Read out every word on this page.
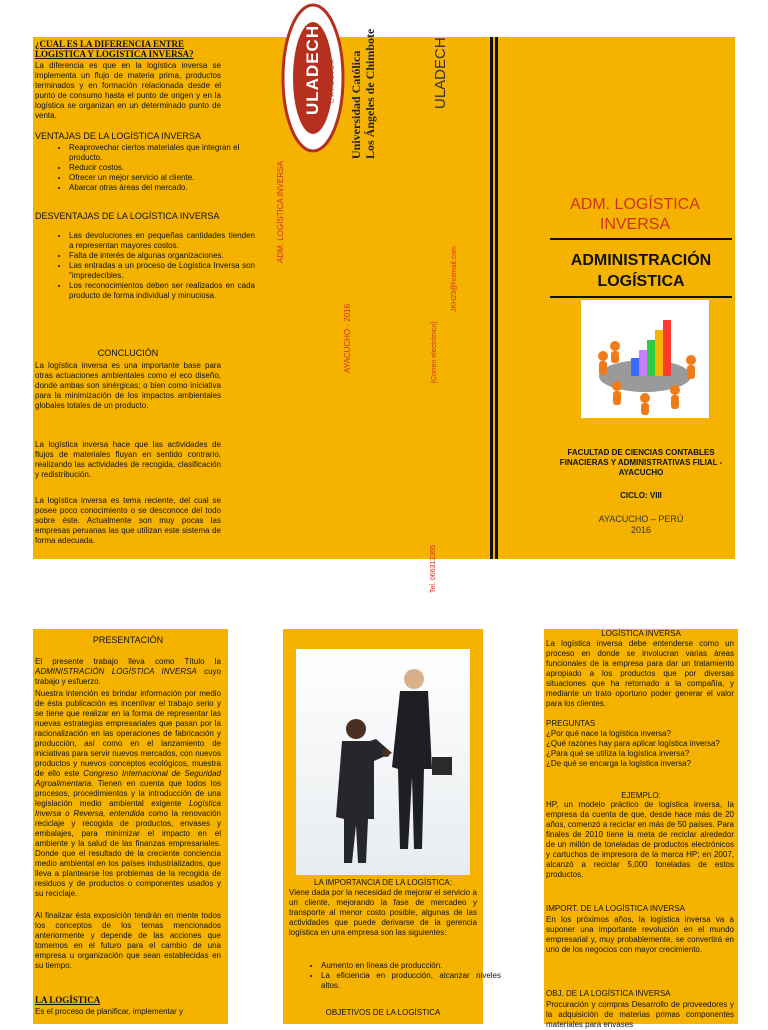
¿CUAL ES LA DIFERENCIA ENTRE LOGISTICA Y LOGISTICA INVERSA?

La diferencia es que en la logística inversa se implementa un flujo de materia prima, productos terminados y en formación relacionada desde el punto de consumo hasta el punto de origen y en la logística se organizan en un determinado punto de venta.

VENTAJAS DE LA LOGÍSTICA INVERSA

• Reaprovechar ciertos materiales que integran el producto.
• Reducir costos.
• Ofrecer un mejor servicio al cliente.
• Abarcar otras áreas del mercado.

DESVENTAJAS DE LA LOGÍSTICA INVERSA

• Las devoluciones en pequeñas cantidades tienden a representan mayores costos.
• Falta de interés de algunas organizaciones.
• Las entradas a un proceso de Logística Inversa son "impredecibles.
• Los reconocimientos deben ser realizados en cada producto de forma individual y minuciosa.

CONCLUCIÓN

La logística inversa es una importante base para otras actuaciones ambientales como el eco diseño, donde ambas son sinérgicas; o bien como iniciativa para la minimización de los impactos ambientales globales totales de un producto.

La logística inversa hace que las actividades de flujos de materiales fluyan en sentido contrario, realizando las actividades de recogida, clasificación y redistribución.

La logística inversa es tema reciente, del cual se posee poco conocimiento o se desconoce del todo sobre éste. Actualmente son muy pocas las empresas peruanas las que utilizan este sistema de forma adecuada.

ULADECH CATÓLICA Universidad Católica Los Ángeles de Chimbote
ADM. LOGÍSTICA INVERSA
AYACUCHO - 2016	[Correo electrónico]
JKH23@hotmail.com
Tel. 066313365
ULADECH
ADM. LOGÍSTICA INVERSA
ADMINISTRACIÓN LOGÍSTICA
FACULTAD DE CIENCIAS CONTABLES FINACIERAS Y ADMINISTRATIVAS FILIAL - AYACUCHO
CICLO: VIII
AYACUCHO – PERÚ
2016

PRESENTACIÓN

El presente trabajo lleva como Título la ADMINISTRACIÓN LOGÍSTICA INVERSA cuyo trabajo y esfuerzo.

Nuestra intención es brindar información por medio de ésta publicación es incentivar el trabajo serio y se tiene que realizar en la forma de representar las nuevas estrategias empresariales que pasan por la racionalización en las operaciones de fabricación y producción, así como en el lanzamiento de iniciativas para servir nuevos mercados, con nuevos productos y nuevos conceptos ecológicos, muestra de ello este Congreso Internacional de Seguridad Agroalimentaria. Tienen en cuenta que todos los procesos, procedimientos y la introducción de una legislación medio ambiental exigente Logística Inversa o Reversa, entendida como la renovación reciclaje y recogida de productos, envases y embalajes, para minimizar el impacto en el ambiente y la salud de las finanzas empresariales. Donde que el resultado de la creciente conciencia medio ambiental en los países industrializados, que lleva a plantearse los problemas de la recogida de residuos y de productos o componentes usados y su reciclaje.

Al finalizar ésta exposición tendrán en mente todos los conceptos de los temas mencionados anteriormente y depende de las acciones que tomemos en el futuro para el cambio de una empresa u organización que sean establecidas en su tiempo.

LA LOGÍSTICA

Es el proceso de planificar, implementar y

LA IMPORTANCIA DE LA LOGÍSTICA:

Viene dada por la necesidad de mejorar el servicio a un cliente, mejorando la fase de mercadeo y transporte al menor costo posible, algunas de las actividades que puede derivarse de la gerencia logística en una empresa son las siguientes:

• Aumento en líneas de producción.
• La eficiencia en producción, alcanzar niveles altos.

OBJETIVOS DE LA LOGÍSTICA

LOGÍSTICA INVERSA

La logística inversa debe entenderse como un proceso en donde se involucran varias áreas funcionales de la empresa para dar un tratamiento apropiado a los productos que por diversas situaciones que ha retornado a la compañía, y mediante un trato oportuno poder generar el valor para los clientes.

PREGUNTAS

¿Por qué nace la logística inversa?
¿Qué razones hay para aplicar logística inversa?
¿Para qué se utiliza la logística inversa?
¿De qué se encarga la logística inversa?

EJEMPLO:

HP, un modelo práctico de logística inversa, la empresa da cuenta de que, desde hace más de 20 años, comenzó a reciclar en más de 50 países. Para finales de 2010 tiene la meta de reciclar alrededor de un millón de toneladas de productos electrónicos y cartuchos de impresora de la marca HP; en 2007, alcanzó a reciclar 5,000 toneladas de estos productos.

IMPORT. DE LA LOGÍSTICA INVERSA

En los próximos años, la logística inversa va a suponer una importante revolución en el mundo empresarial y, muy probablemente, se convertirá en uno de los negocios con mayor crecimiento.

OBJ. DE LA LOGÍSTICA INVERSA

Procuración y compras Desarrollo de proveedores y la adquisición de materias primas componentes materiales para envases
